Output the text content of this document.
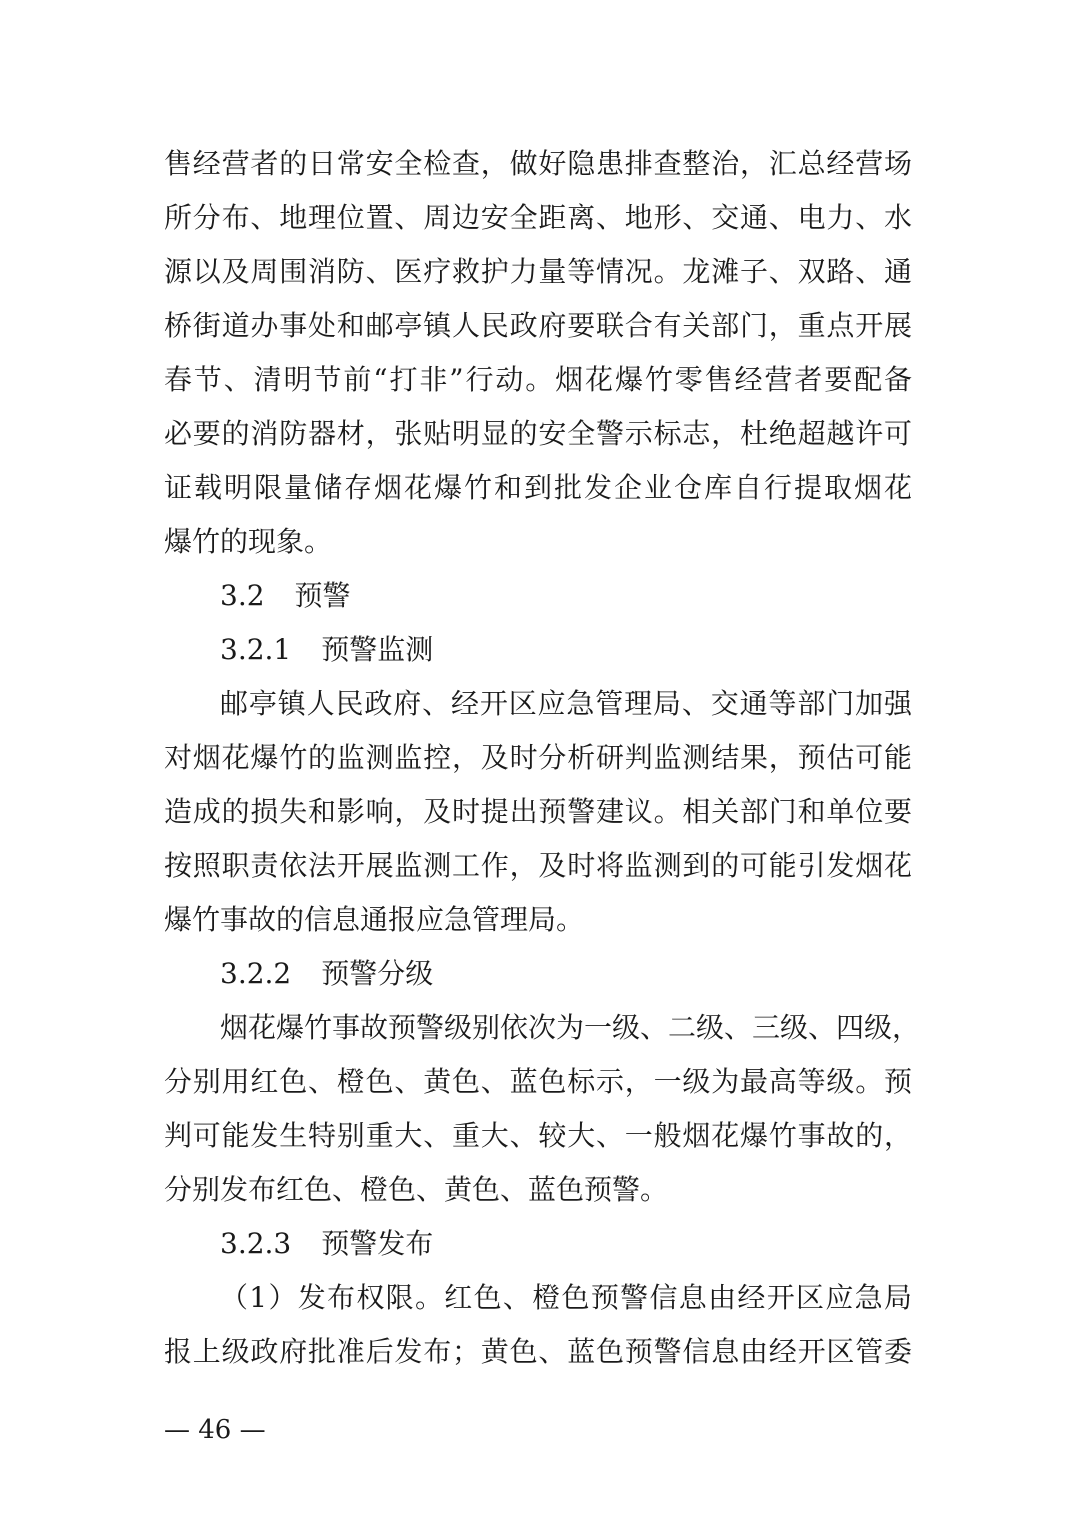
售经营者的日常安全检查，做好隐患排查整治，汇总经营场
所分布、地理位置、周边安全距离、地形、交通、电力、水
源以及周围消防、医疗救护力量等情况。龙滩子、双路、通
桥街道办事处和邮亭镇人民政府要联合有关部门，重点开展
春节、清明节前“打非”行动。烟花爆竹零售经营者要配备
必要的消防器材，张贴明显的安全警示标志，杜绝超越许可
证载明限量储存烟花爆竹和到批发企业仓库自行提取烟花
爆竹的现象。
3.2 预警
3.2.1 预警监测
邮亭镇人民政府、经开区应急管理局、交通等部门加强
对烟花爆竹的监测监控，及时分析研判监测结果，预估可能
造成的损失和影响，及时提出预警建议。相关部门和单位要
按照职责依法开展监测工作，及时将监测到的可能引发烟花
爆竹事故的信息通报应急管理局。
3.2.2 预警分级
烟花爆竹事故预警级别依次为一级、二级、三级、四级，
分别用红色、橙色、黄色、蓝色标示，一级为最高等级。预
判可能发生特别重大、重大、较大、一般烟花爆竹事故的，
分别发布红色、橙色、黄色、蓝色预警。
3.2.3 预警发布
（1）发布权限。红色、橙色预警信息由经开区应急局
报上级政府批准后发布；黄色、蓝色预警信息由经开区管委
— 46 —
